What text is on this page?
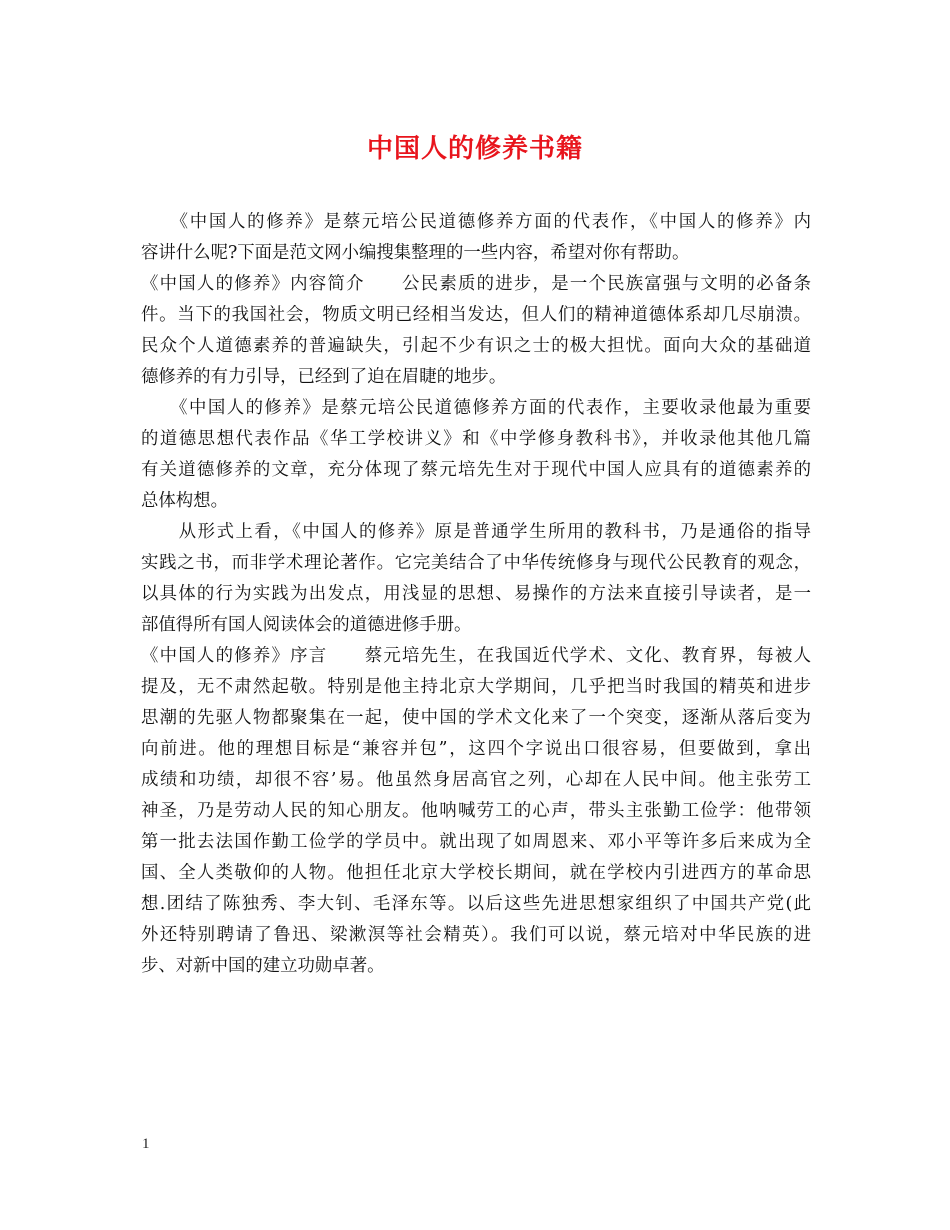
中国人的修养书籍
　　《中国人的修养》是蔡元培公民道德修养方面的代表作，《中国人的修养》内
容讲什么呢?下面是范文网小编搜集整理的一些内容，希望对你有帮助。
《中国人的修养》内容简介　　公民素质的进步，是一个民族富强与文明的必备条
件。当下的我国社会，物质文明已经相当发达，但人们的精神道德体系却几尽崩溃。
民众个人道德素养的普遍缺失，引起不少有识之士的极大担忧。面向大众的基础道
德修养的有力引导，已经到了迫在眉睫的地步。
　　《中国人的修养》是蔡元培公民道德修养方面的代表作，主要收录他最为重要
的道德思想代表作品《华工学校讲义》和《中学修身教科书》，并收录他其他几篇
有关道德修养的文章，充分体现了蔡元培先生对于现代中国人应具有的道德素养的
总体构想。
　　从形式上看，《中国人的修养》原是普通学生所用的教科书，乃是通俗的指导
实践之书，而非学术理论著作。它完美结合了中华传统修身与现代公民教育的观念，
以具体的行为实践为出发点，用浅显的思想、易操作的方法来直接引导读者，是一
部值得所有国人阅读体会的道德进修手册。
《中国人的修养》序言　　蔡元培先生，在我国近代学术、文化、教育界，每被人
提及，无不肃然起敬。特别是他主持北京大学期间，几乎把当时我国的精英和进步
思潮的先驱人物都聚集在一起，使中国的学术文化来了一个突变，逐渐从落后变为
向前进。他的理想目标是“兼容并包”，这四个字说出口很容易，但要做到，拿出
成绩和功绩，却很不容’易。他虽然身居高官之列，心却在人民中间。他主张劳工
神圣，乃是劳动人民的知心朋友。他呐喊劳工的心声，带头主张勤工俭学：他带领
第一批去法国作勤工俭学的学员中。就出现了如周恩来、邓小平等许多后来成为全
国、全人类敬仰的人物。他担任北京大学校长期间，就在学校内引进西方的革命思
想.团结了陈独秀、李大钊、毛泽东等。以后这些先进思想家组织了中国共产党(此
外还特别聘请了鲁迅、梁漱溟等社会精英）。我们可以说，蔡元培对中华民族的进
步、对新中国的建立功勋卓著。
1
